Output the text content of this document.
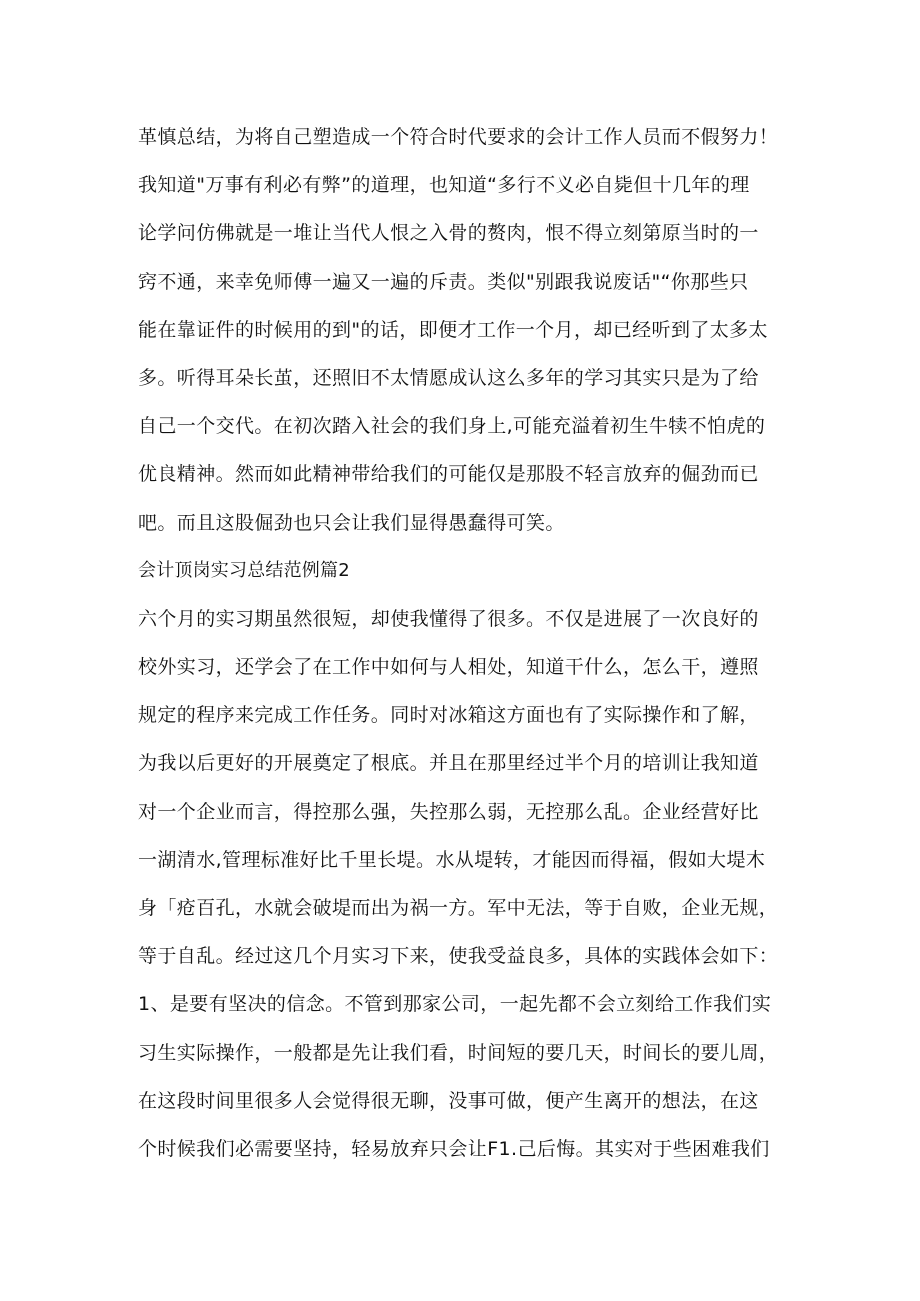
革慎总结，为将自己塑造成一个符合时代要求的会计工作人员而不假努力！
我知道"万事有利必有弊”的道理，也知道“多行不义必自毙但十几年的理
论学问仿佛就是一堆让当代人恨之入骨的赘肉，恨不得立刻第原当时的一
窍不通，来幸免师傅一遍又一遍的斥责。类似"别跟我说废话"“你那些只
能在靠证件的时候用的到"的话，即便才工作一个月，却已经听到了太多太
多。听得耳朵长茧，还照旧不太情愿成认这么多年的学习其实只是为了给
自己一个交代。在初次踏入社会的我们身上,可能充溢着初生牛犊不怕虎的
优良精神。然而如此精神带给我们的可能仅是那股不轻言放弃的倔劲而已
吧。而且这股倔劲也只会让我们显得愚蠢得可笑。
会计顶岗实习总结范例篇2
六个月的实习期虽然很短，却使我懂得了很多。不仅是进展了一次良好的
校外实习，还学会了在工作中如何与人相处，知道干什么，怎么干，遵照
规定的程序来完成工作任务。同时对冰箱这方面也有了实际操作和了解，
为我以后更好的开展奠定了根底。并且在那里经过半个月的培训让我知道
对一个企业而言，得控那么强，失控那么弱，无控那么乱。企业经营好比
一湖清水,管理标准好比千里长堤。水从堤转，才能因而得福，假如大堤木
身「疮百孔，水就会破堤而出为祸一方。军中无法，等于自败，企业无规，
等于自乱。经过这几个月实习下来，使我受益良多，具体的实践体会如下：
1、是要有坚决的信念。不管到那家公司，一起先都不会立刻给工作我们实
习生实际操作，一般都是先让我们看，时间短的要几天，时间长的要儿周，
在这段时间里很多人会觉得很无聊，没事可做，便产生离开的想法，在这
个时候我们必需要坚持，轻易放弃只会让F1.己后悔。其实对于些困难我们
